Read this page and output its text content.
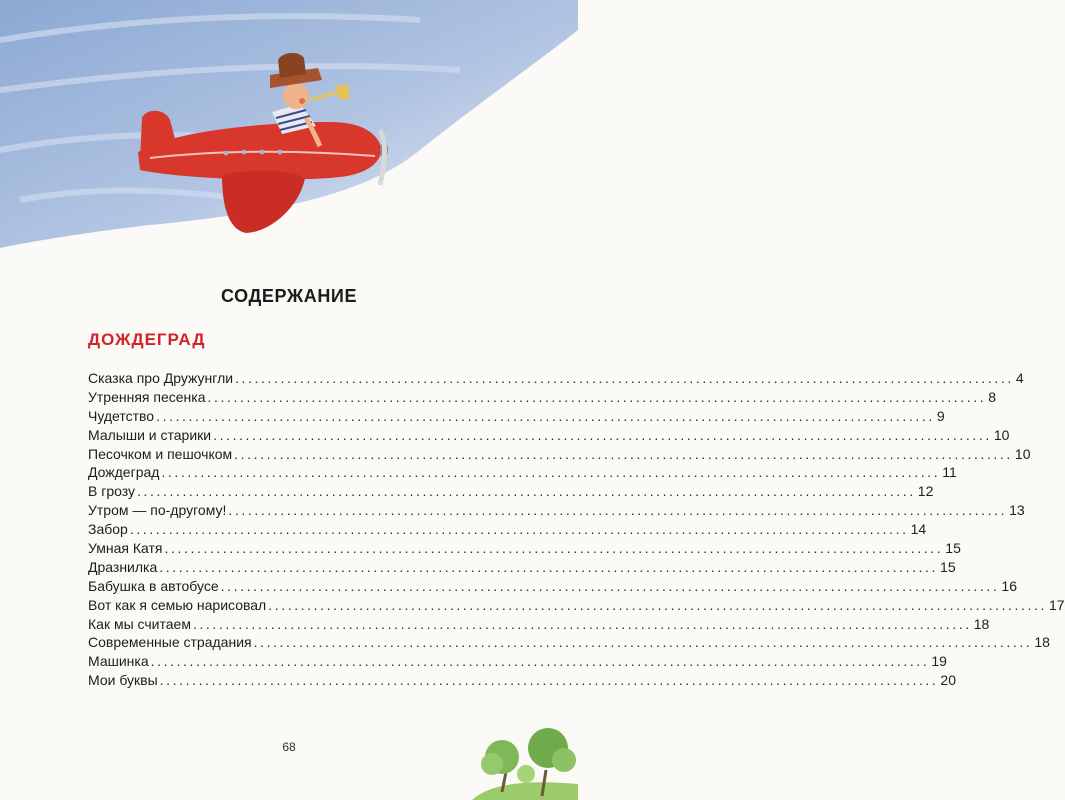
СОДЕРЖАНИЕ
ДОЖДЕГРАД
Сказка про Дружунгли ........................................................................................................................ 4
Утренняя песенка ........................................................................................................................ 8
Чудетство ........................................................................................................................ 9
Малыши и старики ........................................................................................................................ 10
Песочком и пешочком ........................................................................................................................ 10
Дождеград ........................................................................................................................ 11
В грозу ........................................................................................................................ 12
Утром — по-другому! ........................................................................................................................ 13
Забор ........................................................................................................................ 14
Умная Катя ........................................................................................................................ 15
Дразнилка ........................................................................................................................ 15
Бабушка в автобусе ........................................................................................................................ 16
Вот как я семью нарисовал ........................................................................................................................ 17
Как мы считаем ........................................................................................................................ 18
Современные страдания ........................................................................................................................ 18
Машинка ........................................................................................................................ 19
Мои буквы ........................................................................................................................ 20
68
